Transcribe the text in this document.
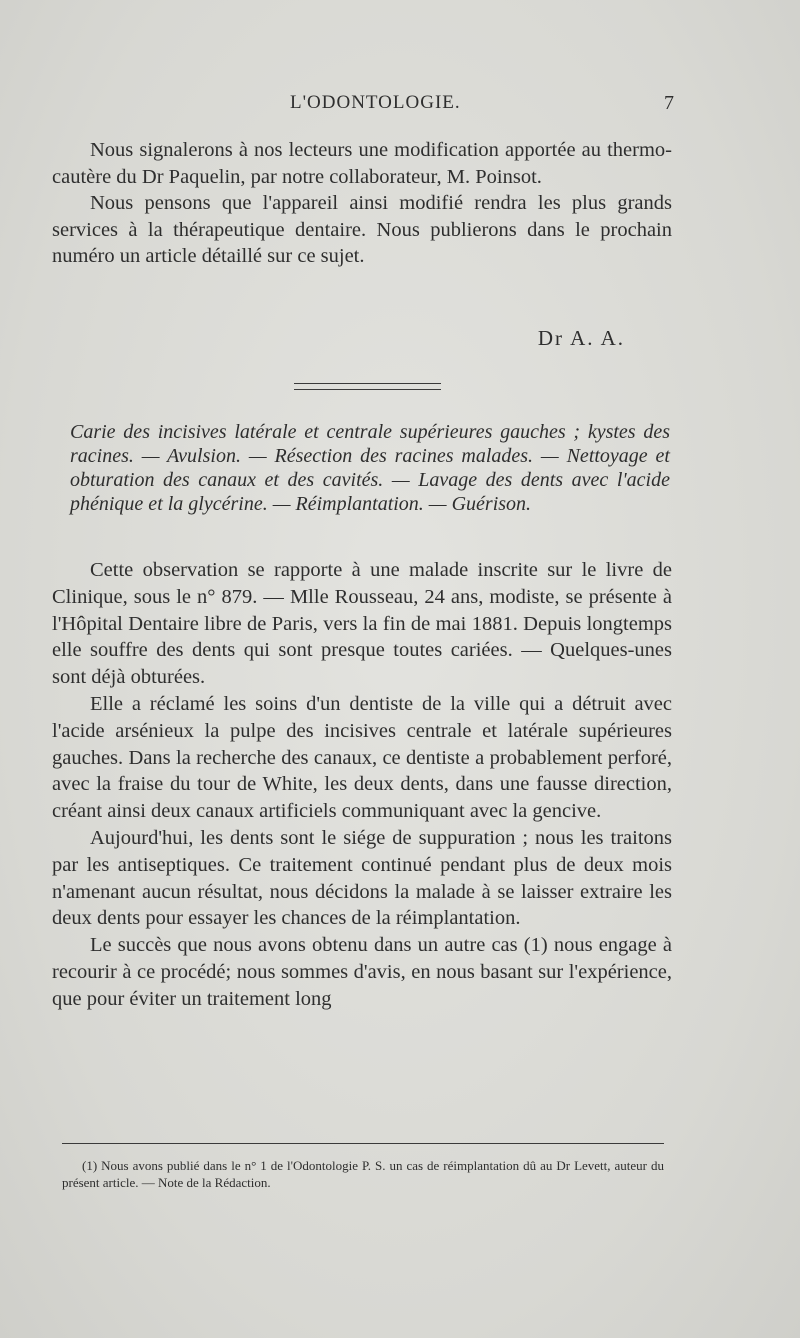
L'ODONTOLOGIE.	7

Nous signalerons à nos lecteurs une modification apportée au thermo-cautère du Dr Paquelin, par notre collaborateur, M. Poinsot.

Nous pensons que l'appareil ainsi modifié rendra les plus grands services à la thérapeutique dentaire. Nous publierons dans le prochain numéro un article détaillé sur ce sujet.

Dr A. A.

Carie des incisives latérale et centrale supérieures gauches ; kystes des racines. — Avulsion. — Résection des racines malades. — Nettoyage et obturation des canaux et des cavités. — Lavage des dents avec l'acide phénique et la glycérine. — Réimplantation. — Guérison.

Cette observation se rapporte à une malade inscrite sur le livre de Clinique, sous le n° 879. — Mlle Rousseau, 24 ans, modiste, se présente à l'Hôpital Dentaire libre de Paris, vers la fin de mai 1881. Depuis longtemps elle souffre des dents qui sont presque toutes cariées. — Quelques-unes sont déjà obturées.

Elle a réclamé les soins d'un dentiste de la ville qui a détruit avec l'acide arsénieux la pulpe des incisives centrale et latérale supérieures gauches. Dans la recherche des canaux, ce dentiste a probablement perforé, avec la fraise du tour de White, les deux dents, dans une fausse direction, créant ainsi deux canaux artificiels communiquant avec la gencive.

Aujourd'hui, les dents sont le siége de suppuration ; nous les traitons par les antiseptiques. Ce traitement continué pendant plus de deux mois n'amenant aucun résultat, nous décidons la malade à se laisser extraire les deux dents pour essayer les chances de la réimplantation.

Le succès que nous avons obtenu dans un autre cas (1) nous engage à recourir à ce procédé; nous sommes d'avis, en nous basant sur l'expérience, que pour éviter un traitement long

(1) Nous avons publié dans le n° 1 de l'Odontologie P. S. un cas de réimplantation dû au Dr Levett, auteur du présent article. — Note de la Rédaction.
